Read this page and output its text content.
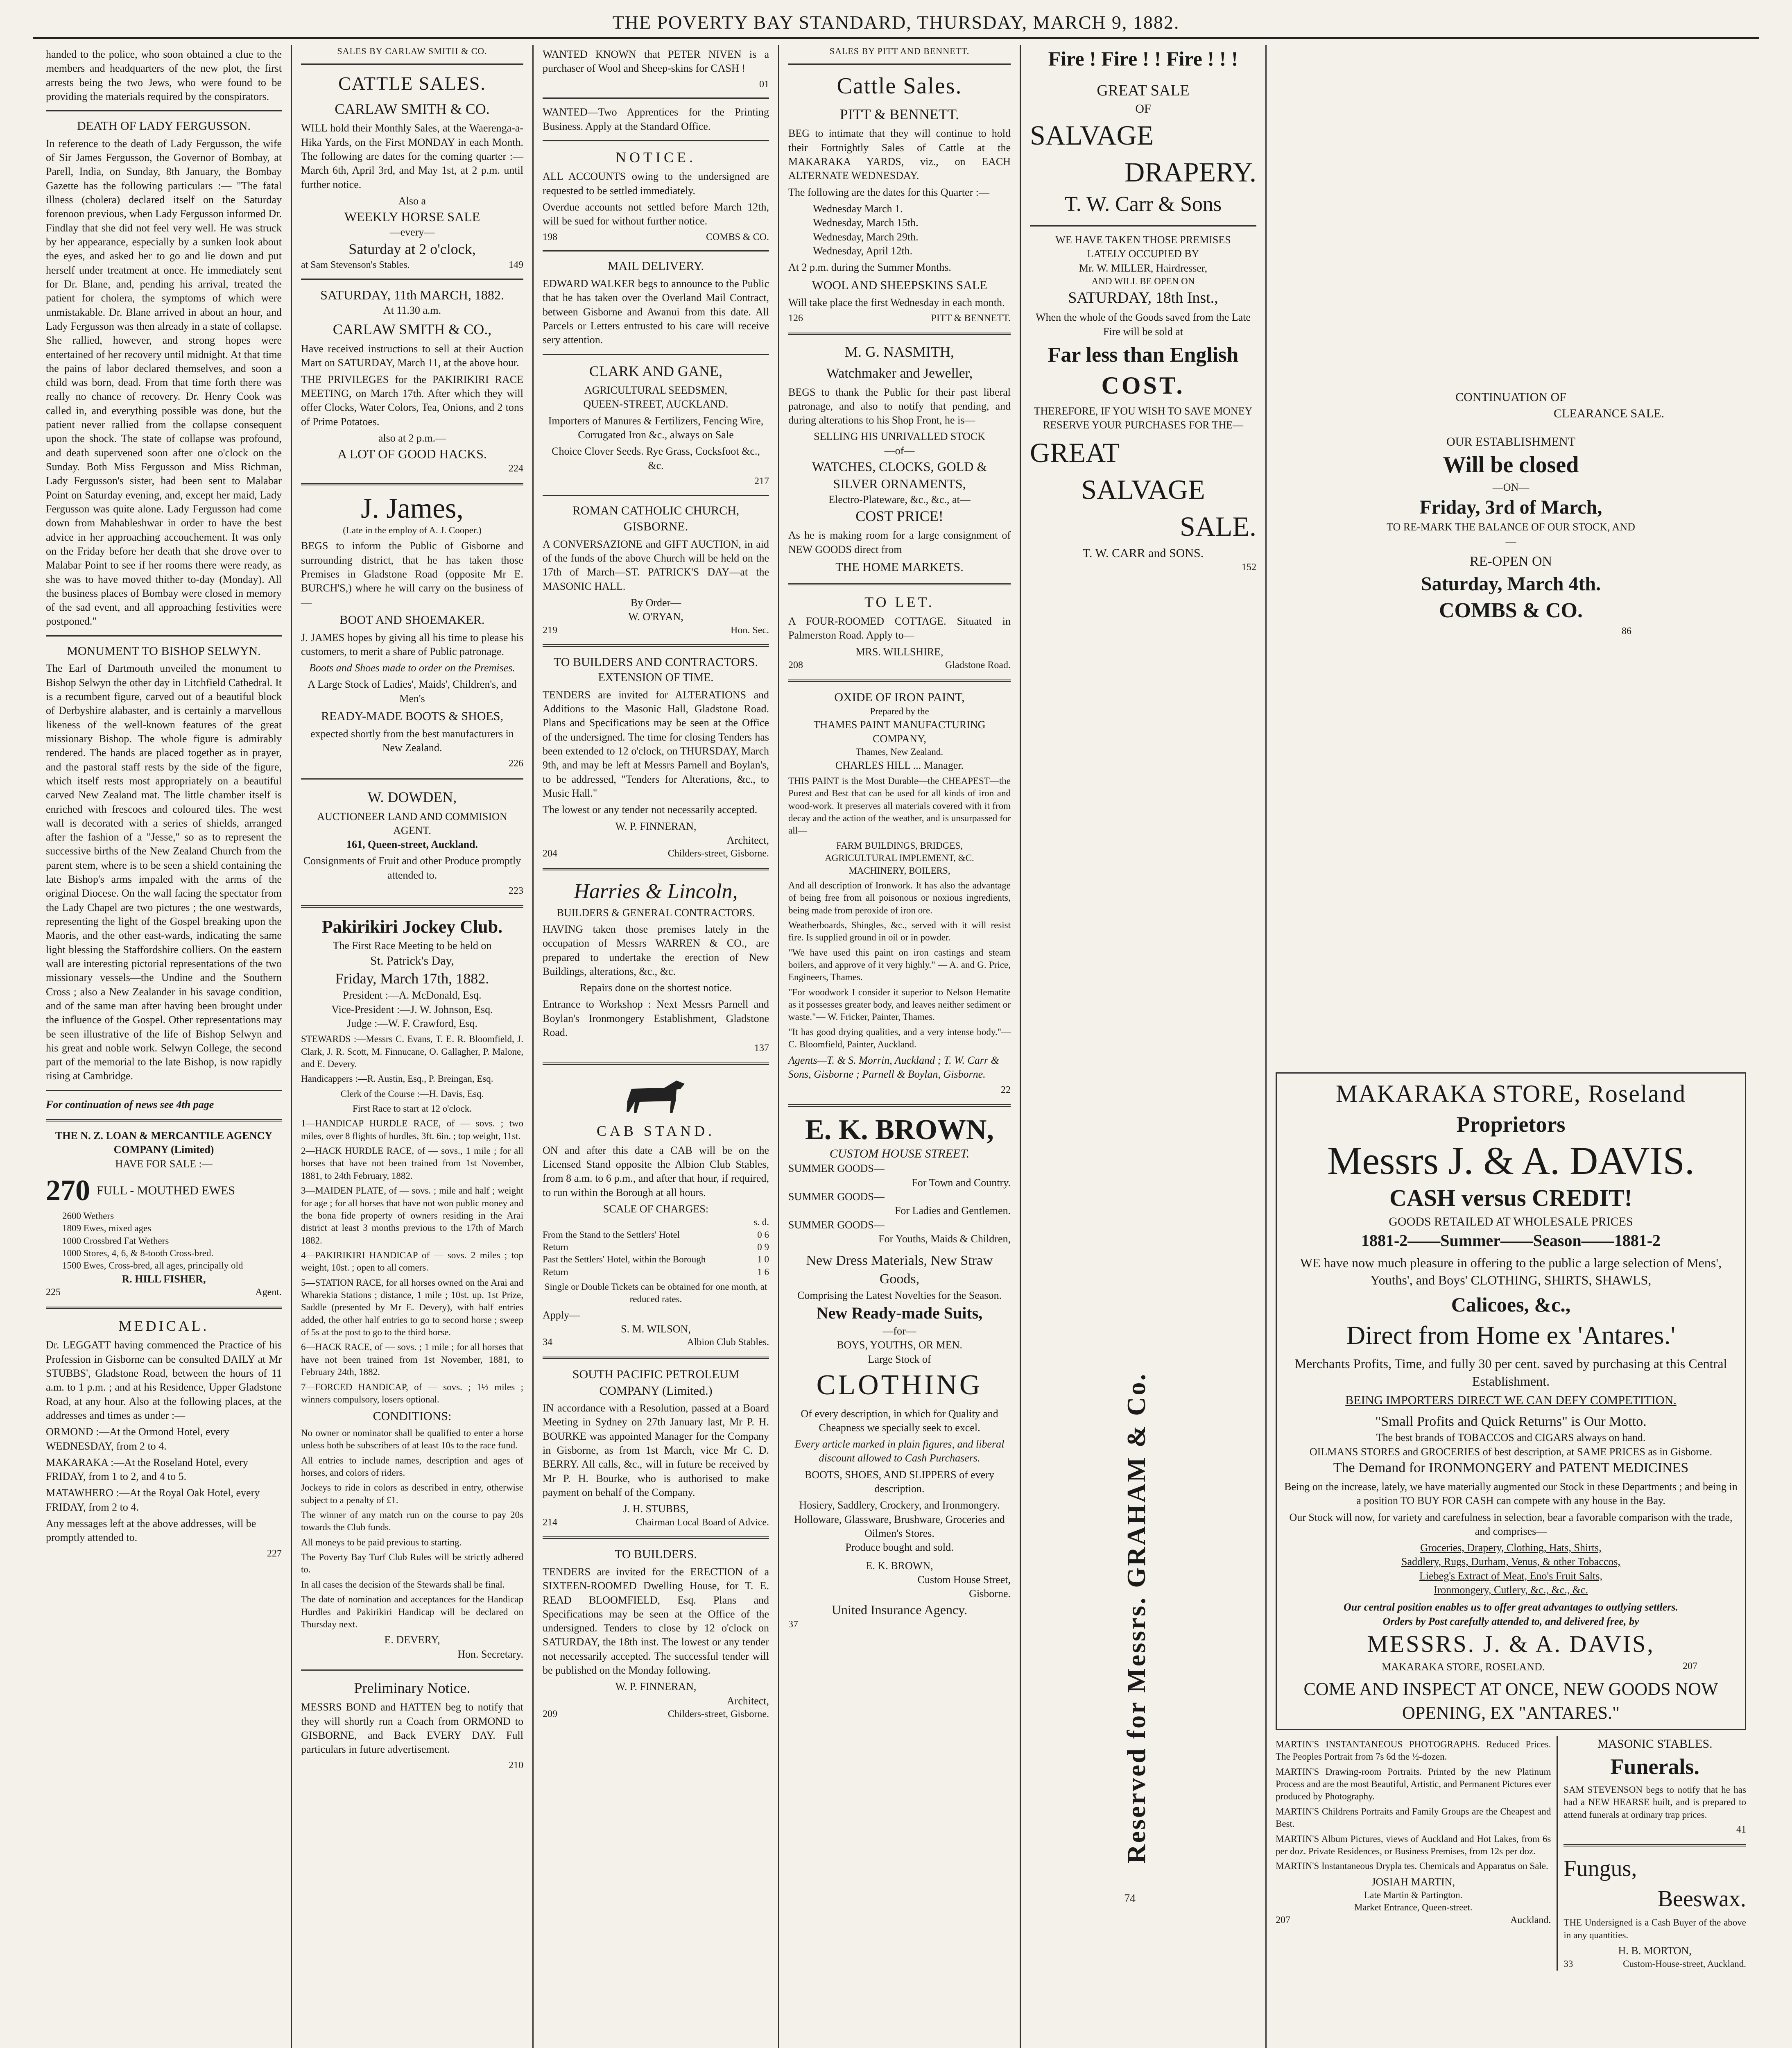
THE POVERTY BAY STANDARD, THURSDAY, MARCH 9, 1882.

handed to the police, who soon obtained a clue to the members and headquarters of the new plot, the first arrests being the two Jews, who were found to be providing the materials required by the conspirators.

DEATH OF LADY FERGUSSON.

In reference to the death of Lady Fergusson, the wife of Sir James Fergusson, the Governor of Bombay, at Parell, India, on Sunday, 8th January, the Bombay Gazette has the following particulars :— "The fatal illness (cholera) declared itself on the Saturday forenoon previous, when Lady Fergusson informed Dr. Findlay that she did not feel very well. He was struck by her appearance, especially by a sunken look about the eyes, and asked her to go and lie down and put herself under treatment at once. He immediately sent for Dr. Blane, and, pending his arrival, treated the patient for cholera, the symptoms of which were unmistakable. Dr. Blane arrived in about an hour, and Lady Fergusson was then already in a state of collapse. She rallied, however, and strong hopes were entertained of her recovery until midnight. At that time the pains of labor declared themselves, and soon a child was born, dead. From that time forth there was really no chance of recovery. Dr. Henry Cook was called in, and everything possible was done, but the patient never rallied from the collapse consequent upon the shock. The state of collapse was profound, and death supervened soon after one o'clock on the Sunday. Both Miss Fergusson and Miss Richman, Lady Fergusson's sister, had been sent to Malabar Point on Saturday evening, and, except her maid, Lady Fergusson was quite alone. Lady Fergusson had come down from Mahableshwar in order to have the best advice in her approaching accouchement. It was only on the Friday before her death that she drove over to Malabar Point to see if her rooms there were ready, as she was to have moved thither to-day (Monday). All the business places of Bombay were closed in memory of the sad event, and all approaching festivities were postponed."

MONUMENT TO BISHOP SELWYN.

The Earl of Dartmouth unveiled the monument to Bishop Selwyn the other day in Litchfield Cathedral. It is a recumbent figure, carved out of a beautiful block of Derbyshire alabaster, and is certainly a marvellous likeness of the well-known features of the great missionary Bishop. The whole figure is admirably rendered. The hands are placed together as in prayer, and the pastoral staff rests by the side of the figure, which itself rests most appropriately on a beautiful carved New Zealand mat. The little chamber itself is enriched with frescoes and coloured tiles. The west wall is decorated with a series of shields, arranged after the fashion of a "Jesse," so as to represent the successive births of the New Zealand Church from the parent stem, where is to be seen a shield containing the late Bishop's arms impaled with the arms of the original Diocese. On the wall facing the spectator from the Lady Chapel are two pictures ; the one westwards, representing the light of the Gospel breaking upon the Maoris, and the other east-wards, indicating the same light blessing the Staffordshire colliers. On the eastern wall are interesting pictorial representations of the two missionary vessels—the Undine and the Southern Cross ; also a New Zealander in his savage condition, and of the same man after having been brought under the influence of the Gospel. Other representations may be seen illustrative of the life of Bishop Selwyn and his great and noble work. Selwyn College, the second part of the memorial to the late Bishop, is now rapidly rising at Cambridge.

For continuation of news see 4th page

THE N. Z. LOAN & MERCANTILE AGENCY COMPANY (Limited)
HAVE FOR SALE :—
270 FULL - MOUTHED EWES
2600 Wethers
1809 Ewes, mixed ages
1000 Crossbred Fat Wethers
1000 Stores, 4, 6, & 8-tooth Cross-bred.
1500 Ewes, Cross-bred, all ages, principally old
R. HILL FISHER,
225	Agent.
MEDICAL.

Dr. LEGGATT having commenced the Practice of his Profession in Gisborne can be consulted DAILY at Mr STUBBS', Gladstone Road, between the hours of 11 a.m. to 1 p.m. ; and at his Residence, Upper Gladstone Road, at any hour. Also at the following places, at the addresses and times as under :—

ORMOND :—At the Ormond Hotel, every WEDNESDAY, from 2 to 4.

MAKARAKA :—At the Roseland Hotel, every FRIDAY, from 1 to 2, and 4 to 5.

MATAWHERO :—At the Royal Oak Hotel, every FRIDAY, from 2 to 4.

Any messages left at the above addresses, will be promptly attended to.

227
SALES BY CARLAW SMITH & CO.
CATTLE SALES.
CARLAW SMITH & CO.

WILL hold their Monthly Sales, at the Waerenga-a-Hika Yards, on the First MONDAY in each Month. The following are dates for the coming quarter :—March 6th, April 3rd, and May 1st, at 2 p.m. until further notice.

Also a
WEEKLY HORSE SALE
—every—
Saturday at 2 o'clock,
at Sam Stevenson's Stables.	149
SATURDAY, 11th MARCH, 1882.
At 11.30 a.m.
CARLAW SMITH & CO.,

Have received instructions to sell at their Auction Mart on SATURDAY, March 11, at the above hour.

THE PRIVILEGES for the PAKIRIKIRI RACE MEETING, on March 17th. After which they will offer Clocks, Water Colors, Tea, Onions, and 2 tons of Prime Potatoes.

also at 2 p.m.—
A LOT OF GOOD HACKS.
224
J. James,
(Late in the employ of A. J. Cooper.)

BEGS to inform the Public of Gisborne and surrounding district, that he has taken those Premises in Gladstone Road (opposite Mr E. BURCH'S,) where he will carry on the business of—

BOOT AND SHOEMAKER.

J. JAMES hopes by giving all his time to please his customers, to merit a share of Public patronage.

Boots and Shoes made to order on the Premises.

A Large Stock of Ladies', Maids', Children's, and Men's

READY-MADE BOOTS & SHOES,

expected shortly from the best manufacturers in New Zealand.

226
W. DOWDEN,
AUCTIONEER LAND AND COMMISION AGENT.
161, Queen-street, Auckland.

Consignments of Fruit and other Produce promptly attended to.

223
Pakirikiri Jockey Club.
The First Race Meeting to be held on
St. Patrick's Day,
Friday, March 17th, 1882.
President :—A. McDonald, Esq.
Vice-President :—J. W. Johnson, Esq.
Judge :—W. F. Crawford, Esq.

STEWARDS :—Messrs C. Evans, T. E. R. Bloomfield, J. Clark, J. R. Scott, M. Finnucane, O. Gallagher, P. Malone, and E. Devery.

Handicappers :—R. Austin, Esq., P. Breingan, Esq.

Clerk of the Course :—H. Davis, Esq.

First Race to start at 12 o'clock.

1—HANDICAP HURDLE RACE, of — sovs. ; two miles, over 8 flights of hurdles, 3ft. 6in. ; top weight, 11st.

2—HACK HURDLE RACE, of — sovs., 1 mile ; for all horses that have not been trained from 1st November, 1881, to 24th February, 1882.

3—MAIDEN PLATE, of — sovs. ; mile and half ; weight for age ; for all horses that have not won public money and the bona fide property of owners residing in the Arai district at least 3 months previous to the 17th of March 1882.

4—PAKIRIKIRI HANDICAP of — sovs. 2 miles ; top weight, 10st. ; open to all comers.

5—STATION RACE, for all horses owned on the Arai and Wharekia Stations ; distance, 1 mile ; 10st. up. 1st Prize, Saddle (presented by Mr E. Devery), with half entries added, the other half entries to go to second horse ; sweep of 5s at the post to go to the third horse.

6—HACK RACE, of — sovs. ; 1 mile ; for all horses that have not been trained from 1st November, 1881, to February 24th, 1882.

7—FORCED HANDICAP, of — sovs. ; 1½ miles ; winners compulsory, losers optional.

CONDITIONS:

No owner or nominator shall be qualified to enter a horse unless both be subscribers of at least 10s to the race fund.

All entries to include names, description and ages of horses, and colors of riders.

Jockeys to ride in colors as described in entry, otherwise subject to a penalty of £1.

The winner of any match run on the course to pay 20s towards the Club funds.

All moneys to be paid previous to starting.

The Poverty Bay Turf Club Rules will be strictly adhered to.

In all cases the decision of the Stewards shall be final.

The date of nomination and acceptances for the Handicap Hurdles and Pakirikiri Handicap will be declared on Thursday next.

E. DEVERY,
Hon. Secretary.
Preliminary Notice.

MESSRS BOND and HATTEN beg to notify that they will shortly run a Coach from ORMOND to GISBORNE, and Back EVERY DAY. Full particulars in future advertisement.

210

WANTED KNOWN that PETER NIVEN is a purchaser of Wool and Sheep-skins for CASH !

01

WANTED—Two Apprentices for the Printing Business. Apply at the Standard Office.

NOTICE.

ALL ACCOUNTS owing to the undersigned are requested to be settled immediately.

Overdue accounts not settled before March 12th, will be sued for without further notice.

198	COMBS & CO.
MAIL DELIVERY.

EDWARD WALKER begs to announce to the Public that he has taken over the Overland Mail Contract, between Gisborne and Awanui from this date. All Parcels or Letters entrusted to his care will receive sery attention.

CLARK AND GANE,
AGRICULTURAL SEEDSMEN,
QUEEN-STREET, AUCKLAND.

Importers of Manures & Fertilizers, Fencing Wire, Corrugated Iron &c., always on Sale

Choice Clover Seeds. Rye Grass, Cocksfoot &c., &c.

217
ROMAN CATHOLIC CHURCH, GISBORNE.

A CONVERSAZIONE and GIFT AUCTION, in aid of the funds of the above Church will be held on the 17th of March—ST. PATRICK'S DAY—at the MASONIC HALL.

By Order—
W. O'RYAN,
219	Hon. Sec.
TO BUILDERS AND CONTRACTORS.
EXTENSION OF TIME.

TENDERS are invited for ALTERATIONS and Additions to the Masonic Hall, Gladstone Road. Plans and Specifications may be seen at the Office of the undersigned. The time for closing Tenders has been extended to 12 o'clock, on THURSDAY, March 9th, and may be left at Messrs Parnell and Boylan's, to be addressed, "Tenders for Alterations, &c., to Music Hall."

The lowest or any tender not necessarily accepted.

W. P. FINNERAN,
Architect,
204	Childers-street, Gisborne.
Harries & Lincoln,
BUILDERS & GENERAL CONTRACTORS.

HAVING taken those premises lately in the occupation of Messrs WARREN & CO., are prepared to undertake the erection of New Buildings, alterations, &c., &c.

Repairs done on the shortest notice.

Entrance to Workshop : Next Messrs Parnell and Boylan's Ironmongery Establishment, Gladstone Road.

137
CAB STAND.

ON and after this date a CAB will be on the Licensed Stand opposite the Albion Club Stables, from 8 a.m. to 6 p.m., and after that hour, if required, to run within the Borough at all hours.

SCALE OF CHARGES:
s. d.
From the Stand to the Settlers' Hotel	0 6
Return	0 9
Past the Settlers' Hotel, within the Borough	1 0
Return	1 6

Single or Double Tickets can be obtained for one month, at reduced rates.

Apply—
S. M. WILSON,
34	Albion Club Stables.
SOUTH PACIFIC PETROLEUM COMPANY (Limited.)

IN accordance with a Resolution, passed at a Board Meeting in Sydney on 27th January last, Mr P. H. BOURKE was appointed Manager for the Company in Gisborne, as from 1st March, vice Mr C. D. BERRY. All calls, &c., will in future be received by Mr P. H. Bourke, who is authorised to make payment on behalf of the Company.

J. H. STUBBS,
214	Chairman Local Board of Advice.
TO BUILDERS.

TENDERS are invited for the ERECTION of a SIXTEEN-ROOMED Dwelling House, for T. E. READ BLOOMFIELD, Esq. Plans and Specifications may be seen at the Office of the undersigned. Tenders to close by 12 o'clock on SATURDAY, the 18th inst. The lowest or any tender not necessarily accepted. The successful tender will be published on the Monday following.

W. P. FINNERAN,
Architect,
209	Childers-street, Gisborne.
SALES BY PITT AND BENNETT.
Cattle Sales.
PITT & BENNETT.

BEG to intimate that they will continue to hold their Fortnightly Sales of Cattle at the MAKARAKA YARDS, viz., on EACH ALTERNATE WEDNESDAY.

The following are the dates for this Quarter :—

Wednesday March 1.
Wednesday, March 15th.
Wednesday, March 29th.
Wednesday, April 12th.

At 2 p.m. during the Summer Months.

WOOL AND SHEEPSKINS SALE

Will take place the first Wednesday in each month.

126	PITT & BENNETT.
M. G. NASMITH,
Watchmaker and Jeweller,

BEGS to thank the Public for their past liberal patronage, and also to notify that pending, and during alterations to his Shop Front, he is—

SELLING HIS UNRIVALLED STOCK
—of—
WATCHES, CLOCKS, GOLD & SILVER ORNAMENTS,
Electro-Plateware, &c., &c., at—
COST PRICE!

As he is making room for a large consignment of NEW GOODS direct from

THE HOME MARKETS.
TO LET.

A FOUR-ROOMED COTTAGE. Situated in Palmerston Road. Apply to—

MRS. WILLSHIRE,
208	Gladstone Road.
OXIDE OF IRON PAINT,
Prepared by the
THAMES PAINT MANUFACTURING COMPANY,
Thames, New Zealand.
CHARLES HILL ... Manager.

THIS PAINT is the Most Durable—the CHEAPEST—the Purest and Best that can be used for all kinds of iron and wood-work. It preserves all materials covered with it from decay and the action of the weather, and is unsurpassed for all—

FARM BUILDINGS, BRIDGES,
AGRICULTURAL IMPLEMENT, &C.
MACHINERY, BOILERS,

And all description of Ironwork. It has also the advantage of being free from all poisonous or noxious ingredients, being made from peroxide of iron ore.

Weatherboards, Shingles, &c., served with it will resist fire. Is supplied ground in oil or in powder.

"We have used this paint on iron castings and steam boilers, and approve of it very highly." — A. and G. Price, Engineers, Thames.

"For woodwork I consider it superior to Nelson Hematite as it possesses greater body, and leaves neither sediment or waste."— W. Fricker, Painter, Thames.

"It has good drying qualities, and a very intense body."—C. Bloomfield, Painter, Auckland.

Agents—T. & S. Morrin, Auckland ; T. W. Carr & Sons, Gisborne ; Parnell & Boylan, Gisborne.

22
E. K. BROWN,
CUSTOM HOUSE STREET.
SUMMER GOODS—
For Town and Country.
SUMMER GOODS—
For Ladies and Gentlemen.
SUMMER GOODS—
For Youths, Maids & Children,
New Dress Materials, New Straw Goods,
Comprising the Latest Novelties for the Season.
New Ready-made Suits,
—for—
BOYS, YOUTHS, OR MEN.
Large Stock of
CLOTHING

Of every description, in which for Quality and Cheapness we specially seek to excel.

Every article marked in plain figures, and liberal discount allowed to Cash Purchasers.

BOOTS, SHOES, AND SLIPPERS of every description.

Hosiery, Saddlery, Crockery, and Ironmongery.
Holloware, Glassware, Brushware, Groceries and Oilmen's Stores.
Produce bought and sold.
E. K. BROWN,
Custom House Street,
Gisborne.
United Insurance Agency.
37
Fire ! Fire ! ! Fire ! ! !
GREAT SALE
OF
SALVAGE
DRAPERY.
T. W. Carr & Sons
WE HAVE TAKEN THOSE PREMISES
LATELY OCCUPIED BY
Mr. W. MILLER, Hairdresser,
AND WILL BE OPEN ON
SATURDAY, 18th Inst.,

When the whole of the Goods saved from the Late Fire will be sold at

Far less than English
COST.

THEREFORE, IF YOU WISH TO SAVE MONEY RESERVE YOUR PURCHASES FOR THE—

GREAT
SALVAGE
SALE.
T. W. CARR and SONS.
152
Reserved for Messrs. GRAHAM & Co.
74

CONTINUATION OF
CLEARANCE SALE.
OUR ESTABLISHMENT
Will be closed
—ON—
Friday, 3rd of March,
TO RE-MARK THE BALANCE OF OUR STOCK, AND—
RE-OPEN ON
Saturday, March 4th.
COMBS & CO.
86
MAKARAKA STORE, Roseland
Proprietors
Messrs J. & A. DAVIS.
CASH versus CREDIT!
GOODS RETAILED AT WHOLESALE PRICES
1881-2——Summer——Season——1881-2

WE have now much pleasure in offering to the public a large selection of Mens', Youths', and Boys' CLOTHING, SHIRTS, SHAWLS,

Calicoes, &c.,
Direct from Home ex 'Antares.'

Merchants Profits, Time, and fully 30 per cent. saved by purchasing at this Central Establishment.

BEING IMPORTERS DIRECT WE CAN DEFY COMPETITION.
"Small Profits and Quick Returns" is Our Motto.
The best brands of TOBACCOS and CIGARS always on hand.
OILMANS STORES and GROCERIES of best description, at SAME PRICES as in Gisborne.
The Demand for IRONMONGERY and PATENT MEDICINES

Being on the increase, lately, we have materially augmented our Stock in these Departments ; and being in a position TO BUY FOR CASH can compete with any house in the Bay.

Our Stock will now, for variety and carefulness in selection, bear a favorable comparison with the trade, and comprises—

Groceries, Drapery, Clothing, Hats, Shirts,
Saddlery, Rugs, Durham, Venus, & other Tobaccos,
Liebeg's Extract of Meat, Eno's Fruit Salts,
Ironmongery, Cutlery, &c., &c., &c.
Our central position enables us to offer great advantages to outlying settlers.
Orders by Post carefully attended to, and delivered free, by
MESSRS. J. & A. DAVIS,
MAKARAKA STORE, ROSELAND.	207
COME AND INSPECT AT ONCE, NEW GOODS NOW OPENING, EX "ANTARES."

MARTIN'S INSTANTANEOUS PHOTOGRAPHS. Reduced Prices. The Peoples Portrait from 7s 6d the ½-dozen.

MARTIN'S Drawing-room Portraits. Printed by the new Platinum Process and are the most Beautiful, Artistic, and Permanent Pictures ever produced by Photography.

MARTIN'S Childrens Portraits and Family Groups are the Cheapest and Best.

MARTIN'S Album Pictures, views of Auckland and Hot Lakes, from 6s per doz. Private Residences, or Business Premises, from 12s per doz.

MARTIN'S Instantaneous Drypla tes. Chemicals and Apparatus on Sale.

JOSIAH MARTIN,
Late Martin & Partington.
Market Entrance, Queen-street.
207	Auckland.
MASONIC STABLES.
Funerals.

SAM STEVENSON begs to notify that he has had a NEW HEARSE built, and is prepared to attend funerals at ordinary trap prices.

41
Fungus,
Beeswax.

THE Undersigned is a Cash Buyer of the above in any quantities.

H. B. MORTON,
33	Custom-House-street, Auckland.
